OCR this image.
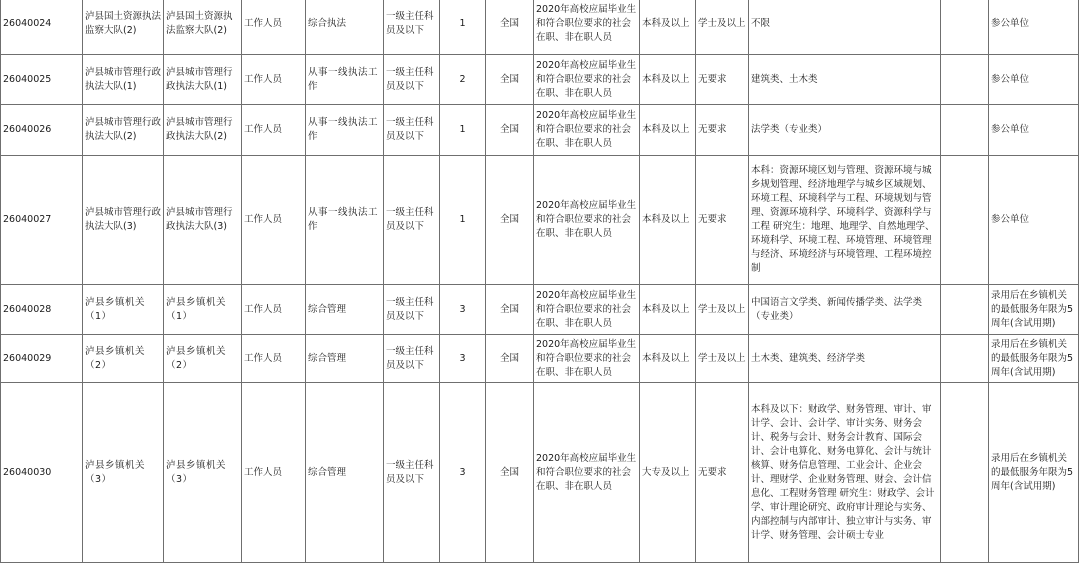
26040024	泸县国土资源执法监察大队(2)	泸县国土资源执法监察大队(2)	工作人员	综合执法	一级主任科员及以下	1	全国	2020年高校应届毕业生和符合职位要求的社会在职、非在职人员	本科及以上	学士及以上	不限		参公单位
26040025	泸县城市管理行政执法大队(1)	泸县城市管理行政执法大队(1)	工作人员	从事一线执法工作	一级主任科员及以下	2	全国	2020年高校应届毕业生和符合职位要求的社会在职、非在职人员	本科及以上	无要求	建筑类、土木类		参公单位
26040026	泸县城市管理行政执法大队(2)	泸县城市管理行政执法大队(2)	工作人员	从事一线执法工作	一级主任科员及以下	1	全国	2020年高校应届毕业生和符合职位要求的社会在职、非在职人员	本科及以上	无要求	法学类（专业类）		参公单位
26040027	泸县城市管理行政执法大队(3)	泸县城市管理行政执法大队(3)	工作人员	从事一线执法工作	一级主任科员及以下	1	全国	2020年高校应届毕业生和符合职位要求的社会在职、非在职人员	本科及以上	无要求	本科：资源环境区划与管理、资源环境与城乡规划管理、经济地理学与城乡区域规划、环境工程、环境科学与工程、环境规划与管理、资源环境科学、环境科学、资源科学与工程 研究生：地理、地理学、自然地理学、环境科学、环境工程、环境管理、环境管理与经济、环境经济与环境管理、工程环境控制		参公单位
26040028	泸县乡镇机关（1）	泸县乡镇机关（1）	工作人员	综合管理	一级主任科员及以下	3	全国	2020年高校应届毕业生和符合职位要求的社会在职、非在职人员	本科及以上	学士及以上	中国语言文学类、新闻传播学类、法学类（专业类）		录用后在乡镇机关的最低服务年限为5周年(含试用期)
26040029	泸县乡镇机关（2）	泸县乡镇机关（2）	工作人员	综合管理	一级主任科员及以下	3	全国	2020年高校应届毕业生和符合职位要求的社会在职、非在职人员	本科及以上	学士及以上	土木类、建筑类、经济学类		录用后在乡镇机关的最低服务年限为5周年(含试用期)
26040030	泸县乡镇机关（3）	泸县乡镇机关（3）	工作人员	综合管理	一级主任科员及以下	3	全国	2020年高校应届毕业生和符合职位要求的社会在职、非在职人员	大专及以上	无要求	本科及以下：财政学、财务管理、审计、审计学、会计、会计学、审计实务、财务会计、税务与会计、财务会计教育、国际会计、会计电算化、财务电算化、会计与统计核算、财务信息管理、工业会计、企业会计、理财学、企业财务管理、财会、会计信息化、工程财务管理 研究生：财政学、会计学、审计理论研究、政府审计理论与实务、内部控制与内部审计、独立审计与实务、审计学、财务管理、会计硕士专业		录用后在乡镇机关的最低服务年限为5周年(含试用期)
